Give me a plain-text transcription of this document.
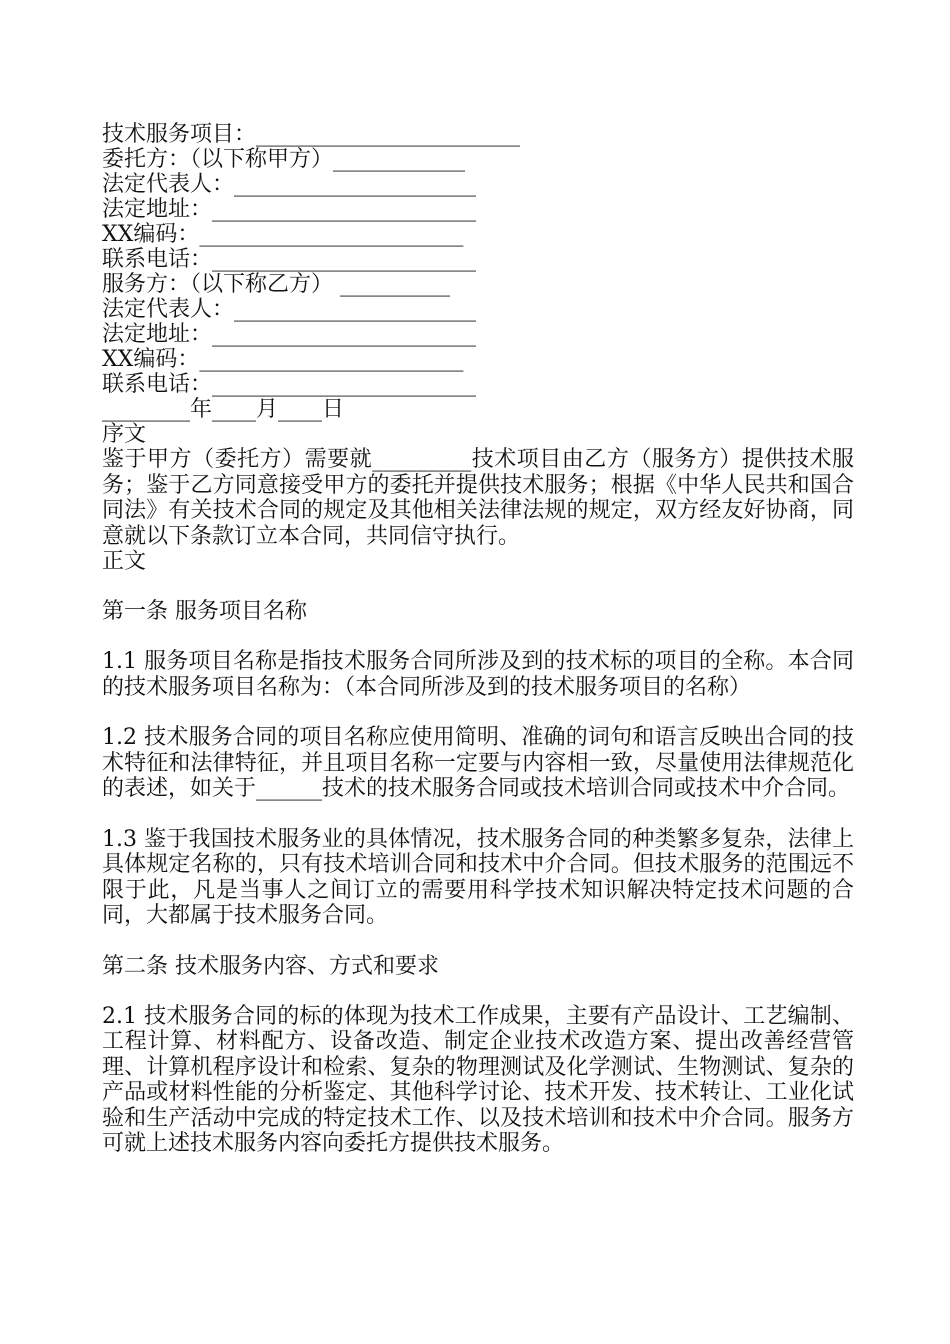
技术服务项目：________________________
委托方：（以下称甲方）____________
法定代表人：______________________
法定地址：________________________
XX编码：________________________
联系电话：________________________
服务方：（以下称乙方） __________
法定代表人：______________________
法定地址：________________________
XX编码：________________________
联系电话：________________________
________年____月____日
序文
鉴于甲方（委托方）需要就_________技术项目由乙方（服务方）提供技术服务；鉴于乙方同意接受甲方的委托并提供技术服务；根据《中华人民共和国合同法》有关技术合同的规定及其他相关法律法规的规定，双方经友好协商，同意就以下条款订立本合同，共同信守执行。
正文
第一条 服务项目名称
1.1 服务项目名称是指技术服务合同所涉及到的技术标的项目的全称。本合同的技术服务项目名称为：（本合同所涉及到的技术服务项目的名称）
1.2 技术服务合同的项目名称应使用简明、准确的词句和语言反映出合同的技术特征和法律特征，并且项目名称一定要与内容相一致，尽量使用法律规范化的表述，如关于______技术的技术服务合同或技术培训合同或技术中介合同。
1.3 鉴于我国技术服务业的具体情况，技术服务合同的种类繁多复杂，法律上具体规定名称的，只有技术培训合同和技术中介合同。但技术服务的范围远不限于此，凡是当事人之间订立的需要用科学技术知识解决特定技术问题的合同，大都属于技术服务合同。
第二条 技术服务内容、方式和要求
2.1 技术服务合同的标的体现为技术工作成果，主要有产品设计、工艺编制、工程计算、材料配方、设备改造、制定企业技术改造方案、提出改善经营管理、计算机程序设计和检索、复杂的物理测试及化学测试、生物测试、复杂的产品或材料性能的分析鉴定、其他科学讨论、技术开发、技术转让、工业化试验和生产活动中完成的特定技术工作、以及技术培训和技术中介合同。服务方可就上述技术服务内容向委托方提供技术服务。
